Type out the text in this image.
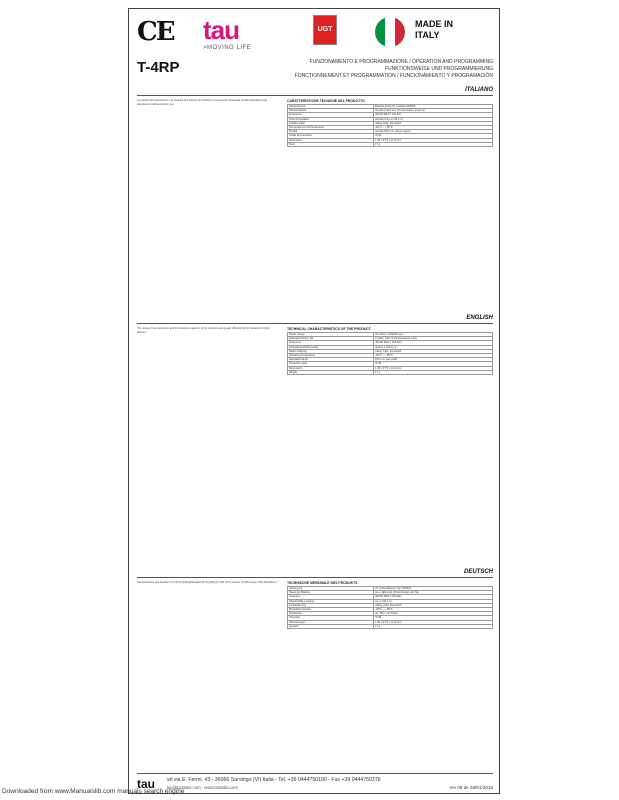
CE tau
>MOVING LIFE
UGT
MADE IN
ITALY
T-4RP	FUNZIONAMENTO E PROGRAMMAZIONE / OPERATION AND PROGRAMMING
FUNKTIONSWEISE UND PROGRAMMIERUNG
FONCTIONNEMENT ET PROGRAMMATION / FUNCIONAMIENTO Y PROGRAMACIÓN
ITALIANO
La portata del trasmettitore e la capacità di ricezione dei ricevitori e fortemente influenzata da altri dispositivi quali trasmissioni radioamatoriali, ecc.
CARATTERISTICHE TECNICHE DEL PRODOTTO
Alimentazione	Batteria al litio 3V modello CR2016
Durata batteria	stimata 2 anni con 10 trasmissioni al giorno
Frequenza	433.92 MHz ± 100 kHz
Potenza irradiata	stimata circa 1 mW e.r.p.
Codifica radio	rolling code, dip switch
Temperatura di funzionamento	-20°C ÷ + 55°C
Portata	stimata 150 m in campo aperto
Grado di protezione	IP 40
Dimensioni	L 36 x P 72 x H 10 mm
Peso	17 g
ENGLISH
The range of the transmitter and the reception capacity of the receivers are greatly affected by the presence of other devices.
TECHNICAL CHARACTERISTICS OF THE PRODUCT
Power supply	3V Lithium CR2016 type
Estimated battery life	2 years, with 10 transmissions a day
Frequency	433.92 MHz ± 100 kHz
Estimated radiated power	approx 1 mW e.r.p.
Radio codifying	rolling code, dip switch
Operating temperature	-20°C ÷ + 55°C
Estimated range	150 m in open field
Protection class	IP 40
Dimensions	L 36 x P 72 x H 10 mm
Weight	17 g
DEUTSCH
Die Reichweite des Senders und die Empfangsfähigkeit der Empfänger wird durch andere Vorrichtungen stark beeinflusst.	TECHNISCHE MERKMALE DES PRODUKTS
Versorgung	3V Lithiumbatterie Typ CR2016
Dauer der Batterie	ca. 2 Jahre bei 10 Sendungen am Tag
Frequenz	433.92 MHz ± 100 kHz
Abgestrahlte Leistung	ca. 1 mW e.r.p.
Funkkodierung	rolling code, dip-switch
Betriebstemperatur	-20°C ÷ + 55°C
Reichweite	ca. 150 m im Freien
Schutzart	IP 40
Abmessungen	L 36 x P 72 x H 10 mm
Gewicht	17 g
tau srl via E. Fermi, 43 - 36066 Sandrigo (VI) Italia - Tel. +39 0444750190 - Fax +39 0444750376
tau@tauitalia.com - www.tauitalia.com	rev 09 de 26/01/2015
Downloaded from www.Manualslib.com manuals search engine
